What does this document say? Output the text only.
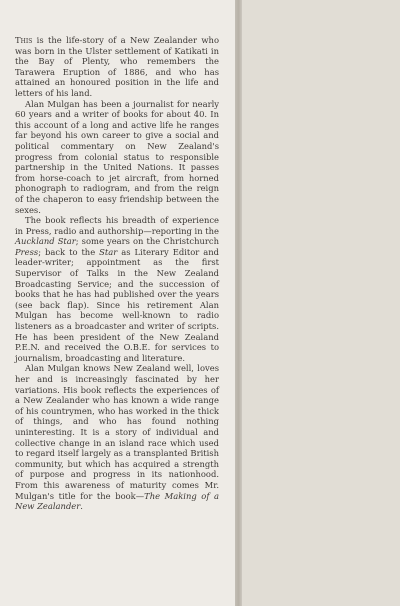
This is the life-story of a New Zealander who was born in the Ulster settlement of Katikati in the Bay of Plenty, who remembers the Tarawera Eruption of 1886, and who has attained an honoured position in the life and letters of his land.

Alan Mulgan has been a journalist for nearly 60 years and a writer of books for about 40. In this account of a long and active life he ranges far beyond his own career to give a social and political commentary on New Zealand's progress from colonial status to responsible partnership in the United Nations. It passes from horse-coach to jet aircraft, from horned phonograph to radiogram, and from the reign of the chaperon to easy friendship between the sexes.

The book reflects his breadth of experience in Press, radio and authorship—reporting in the Auckland Star; some years on the Christchurch Press; back to the Star as Literary Editor and leader-writer; appointment as the first Supervisor of Talks in the New Zealand Broadcasting Service; and the succession of books that he has had published over the years (see back flap). Since his retirement Alan Mulgan has become well-known to radio listeners as a broadcaster and writer of scripts. He has been president of the New Zealand P.E.N. and received the O.B.E. for services to journalism, broadcasting and literature.

Alan Mulgan knows New Zealand well, loves her and is increasingly fascinated by her variations. His book reflects the experiences of a New Zealander who has known a wide range of his countrymen, who has worked in the thick of things, and who has found nothing uninteresting. It is a story of individual and collective change in an island race which used to regard itself largely as a transplanted British community, but which has acquired a strength of purpose and progress in its nationhood. From this awareness of maturity comes Mr. Mulgan's title for the book—The Making of a New Zealander.
